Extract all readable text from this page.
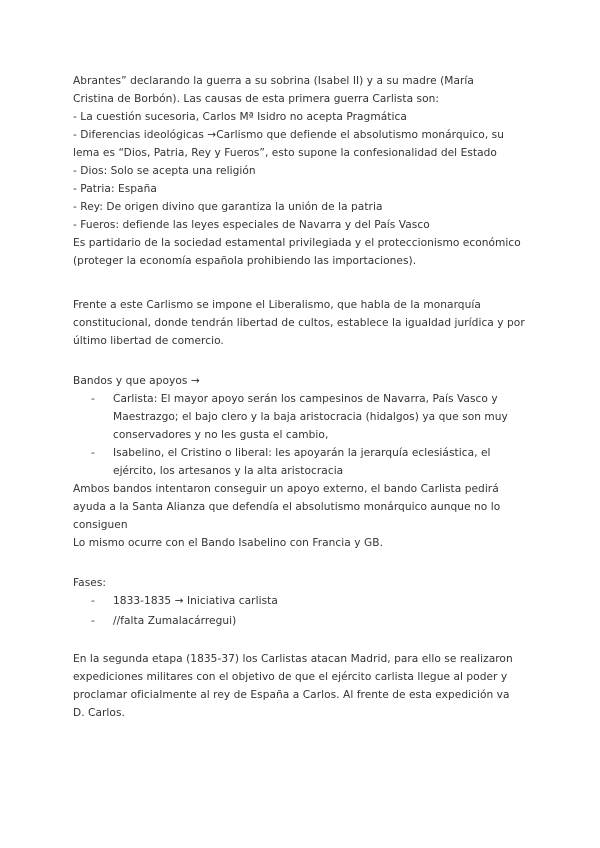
Abrantes” declarando la guerra a su sobrina (Isabel II) y a su madre (María
Cristina de Borbón). Las causas de esta primera guerra Carlista son:
- La cuestión sucesoria, Carlos Mª Isidro no acepta Pragmática
- Diferencias ideológicas →Carlismo que defiende el absolutismo monárquico, su
lema es “Dios, Patria, Rey y Fueros”, esto supone la confesionalidad del Estado
- Dios: Solo se acepta una religión
- Patria: España
- Rey: De origen divino que garantiza la unión de la patria
- Fueros: defiende las leyes especiales de Navarra y del País Vasco
Es partidario de la sociedad estamental privilegiada y el proteccionismo económico
(proteger la economía española prohibiendo las importaciones).
Frente a este Carlismo se impone el Liberalismo, que habla de la monarquía
constitucional, donde tendrán libertad de cultos, establece la igualdad jurídica y por
último libertad de comercio.
Bandos y que apoyos →
- Carlista: El mayor apoyo serán los campesinos de Navarra, País Vasco y
Maestrazgo; el bajo clero y la baja aristocracia (hidalgos) ya que son muy
conservadores y no les gusta el cambio,
- Isabelino, el Cristino o liberal: les apoyarán la jerarquía eclesiástica, el
ejército, los artesanos y la alta aristocracia
Ambos bandos intentaron conseguir un apoyo externo, el bando Carlista pedirá
ayuda a la Santa Alianza que defendía el absolutismo monárquico aunque no lo
consiguen
Lo mismo ocurre con el Bando Isabelino con Francia y GB.
Fases:
- 1833-1835 → Iniciativa carlista
- //falta Zumalacárregui)
En la segunda etapa (1835-37) los Carlistas atacan Madrid, para ello se realizaron
expediciones militares con el objetivo de que el ejército carlista llegue al poder y
proclamar oficialmente al rey de España a Carlos. Al frente de esta expedición va
D. Carlos.
